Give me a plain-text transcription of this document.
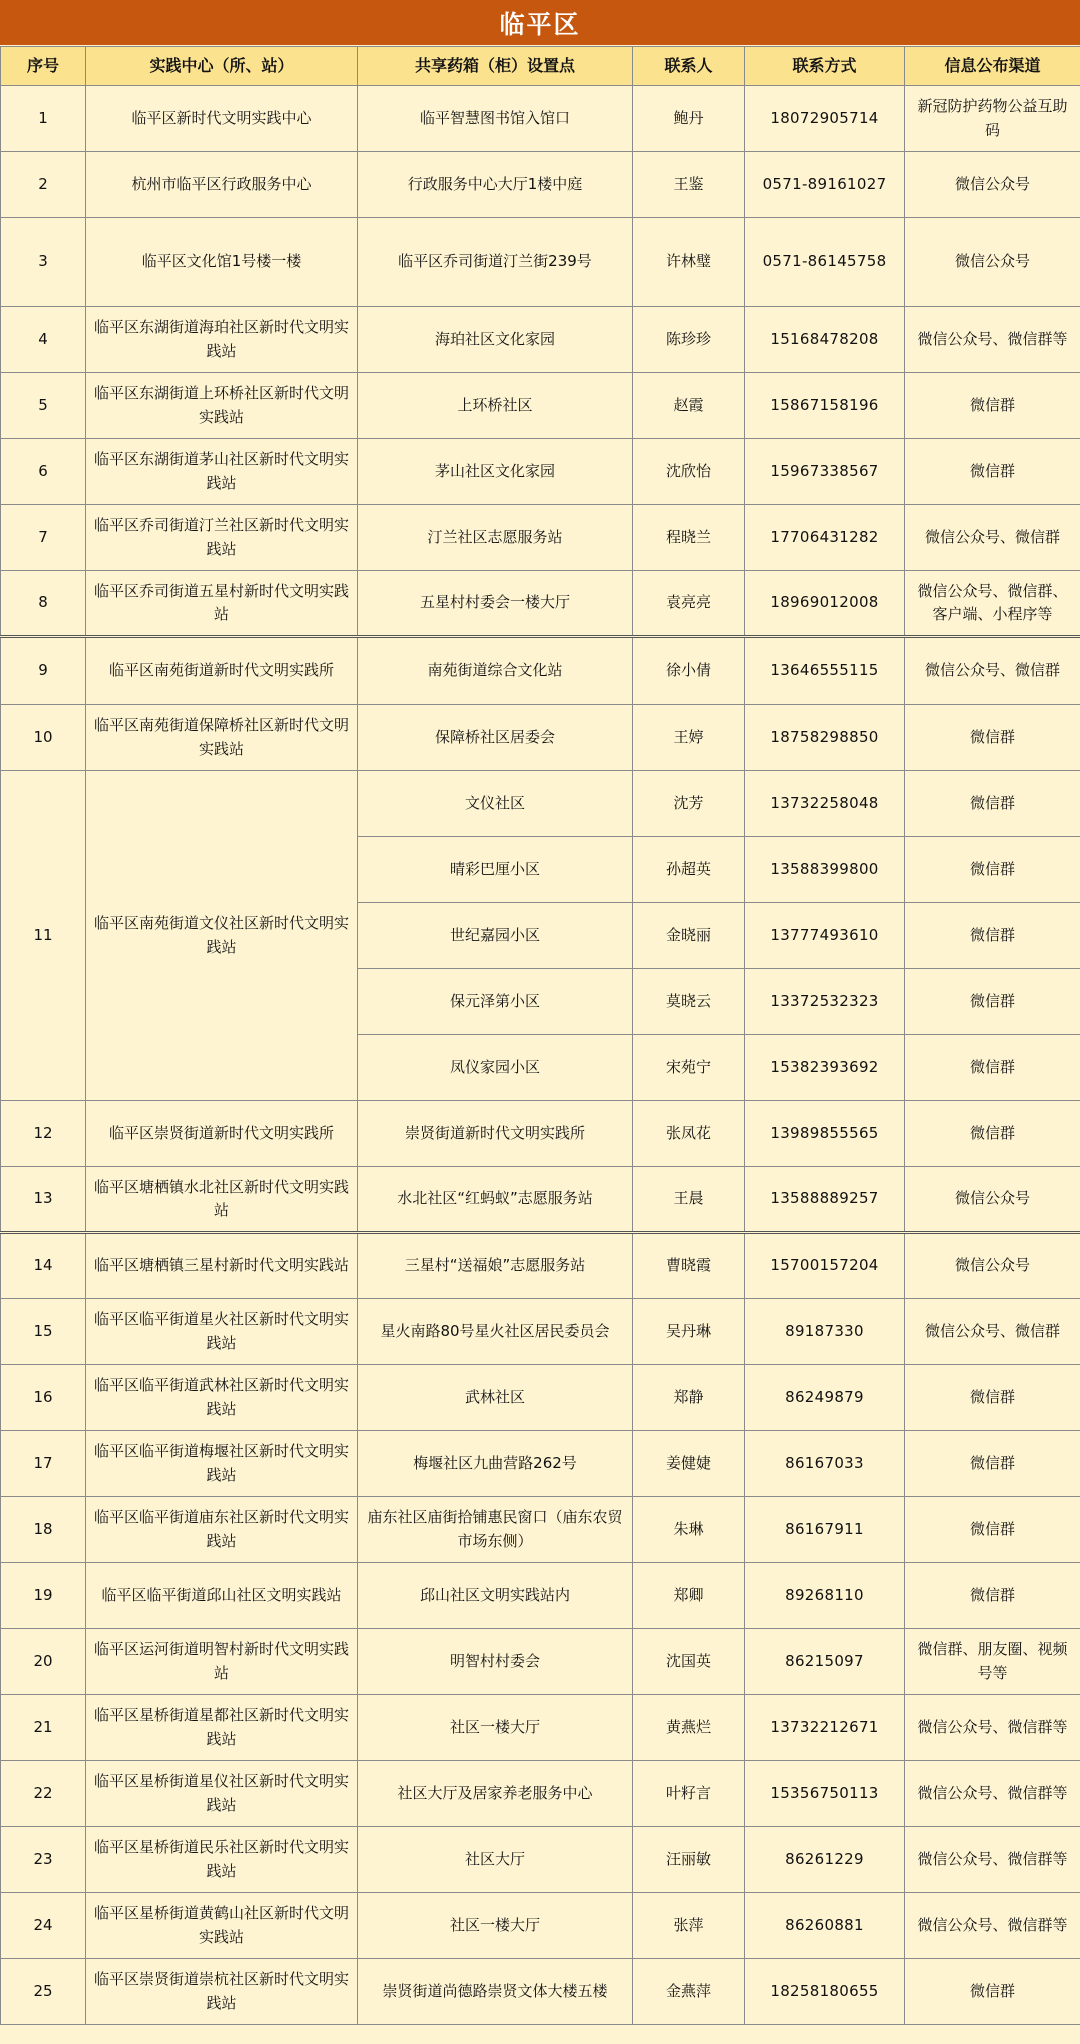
临平区
序号	实践中心（所、站）	共享药箱（柜）设置点	联系人	联系方式	信息公布渠道
1	临平区新时代文明实践中心	临平智慧图书馆入馆口	鲍丹	18072905714	新冠防护药物公益互助码
2	杭州市临平区行政服务中心	行政服务中心大厅1楼中庭	王鉴	0571-89161027	微信公众号
3	临平区文化馆1号楼一楼	临平区乔司街道汀兰街239号	许林璧	0571-86145758	微信公众号
4	临平区东湖街道海珀社区新时代文明实践站	海珀社区文化家园	陈珍珍	15168478208	微信公众号、微信群等
5	临平区东湖街道上环桥社区新时代文明实践站	上环桥社区	赵霞	15867158196	微信群
6	临平区东湖街道茅山社区新时代文明实践站	茅山社区文化家园	沈欣怡	15967338567	微信群
7	临平区乔司街道汀兰社区新时代文明实践站	汀兰社区志愿服务站	程晓兰	17706431282	微信公众号、微信群
8	临平区乔司街道五星村新时代文明实践站	五星村村委会一楼大厅	袁亮亮	18969012008	微信公众号、微信群、客户端、小程序等
9	临平区南苑街道新时代文明实践所	南苑街道综合文化站	徐小倩	13646555115	微信公众号、微信群
10	临平区南苑街道保障桥社区新时代文明实践站	保障桥社区居委会	王婷	18758298850	微信群
11	临平区南苑街道文仪社区新时代文明实践站	文仪社区	沈芳	13732258048	微信群
		晴彩巴厘小区	孙超英	13588399800	微信群
		世纪嘉园小区	金晓丽	13777493610	微信群
		保元泽第小区	莫晓云	13372532323	微信群
		凤仪家园小区	宋苑宁	15382393692	微信群
12	临平区崇贤街道新时代文明实践所	崇贤街道新时代文明实践所	张凤花	13989855565	微信群
13	临平区塘栖镇水北社区新时代文明实践站	水北社区“红蚂蚁”志愿服务站	王晨	13588889257	微信公众号
14	临平区塘栖镇三星村新时代文明实践站	三星村“送福娘”志愿服务站	曹晓霞	15700157204	微信公众号
15	临平区临平街道星火社区新时代文明实践站	星火南路80号星火社区居民委员会	吴丹琳	89187330	微信公众号、微信群
16	临平区临平街道武林社区新时代文明实践站	武林社区	郑静	86249879	微信群
17	临平区临平街道梅堰社区新时代文明实践站	梅堰社区九曲营路262号	姜健婕	86167033	微信群
18	临平区临平街道庙东社区新时代文明实践站	庙东社区庙街拾铺惠民窗口（庙东农贸市场东侧）	朱琳	86167911	微信群
19	临平区临平街道邱山社区文明实践站	邱山社区文明实践站内	郑卿	89268110	微信群
20	临平区运河街道明智村新时代文明实践站	明智村村委会	沈国英	86215097	微信群、朋友圈、视频号等
21	临平区星桥街道星都社区新时代文明实践站	社区一楼大厅	黄燕烂	13732212671	微信公众号、微信群等
22	临平区星桥街道星仪社区新时代文明实践站	社区大厅及居家养老服务中心	叶籽言	15356750113	微信公众号、微信群等
23	临平区星桥街道民乐社区新时代文明实践站	社区大厅	汪丽敏	86261229	微信公众号、微信群等
24	临平区星桥街道黄鹤山社区新时代文明实践站	社区一楼大厅	张萍	86260881	微信公众号、微信群等
25	临平区崇贤街道崇杭社区新时代文明实践站	崇贤街道尚德路崇贤文体大楼五楼	金燕萍	18258180655	微信群
